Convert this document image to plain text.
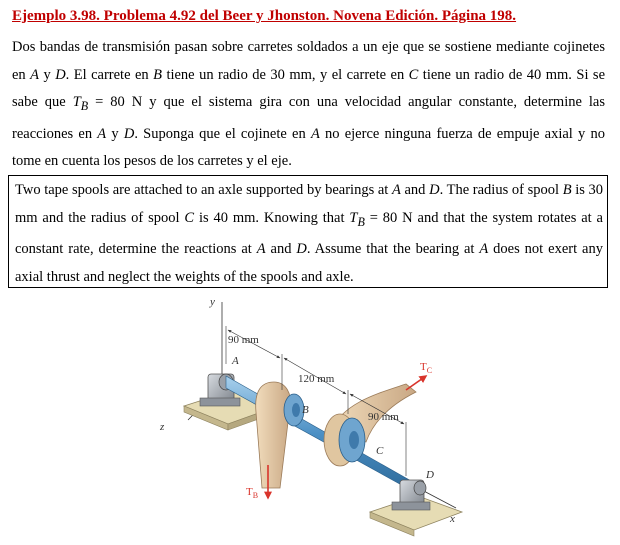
Ejemplo 3.98. Problema 4.92 del Beer y Jhonston. Novena Edición. Página 198.
Dos bandas de transmisión pasan sobre carretes soldados a un eje que se sostiene mediante cojinetes en A y D. El carrete en B tiene un radio de 30 mm, y el carrete en C tiene un radio de 40 mm. Si se sabe que $T_B = 80$ N y que el sistema gira con una velocidad angular constante, determine las reacciones en A y D. Suponga que el cojinete en A no ejerce ninguna fuerza de empuje axial y no tome en cuenta los pesos de los carretes y el eje.
Two tape spools are attached to an axle supported by bearings at A and D. The radius of spool B is 30 mm and the radius of spool C is 40 mm. Knowing that $T_B = 80$ N and that the system rotates at a constant rate, determine the reactions at A and D. Assume that the bearing at A does not exert any axial thrust and neglect the weights of the spools and axle.
y
z
A
x
B
$T_B$
C
$T_C$
D
90 mm
120 mm
90 mm
